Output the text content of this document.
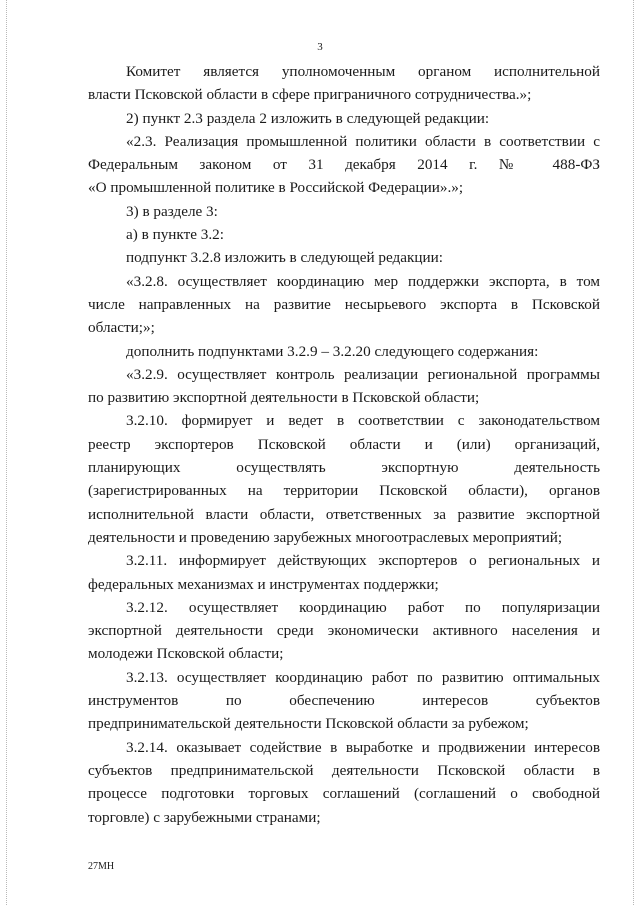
3

Комитет является уполномоченным органом исполнительной

власти Псковской области в сфере приграничного сотрудничества.»;

2) пункт 2.3 раздела 2 изложить в следующей редакции:

«2.3. Реализация промышленной политики области в соответствии с

Федеральным законом от 31 декабря 2014 г. № 488-ФЗ

«О промышленной политике в Российской Федерации».»;

3) в разделе 3:

а) в пункте 3.2:

подпункт 3.2.8 изложить в следующей редакции:

«3.2.8. осуществляет координацию мер поддержки экспорта, в том

числе направленных на развитие несырьевого экспорта в Псковской

области;»;

дополнить подпунктами 3.2.9 – 3.2.20 следующего содержания:

«3.2.9. осуществляет контроль реализации региональной программы

по развитию экспортной деятельности в Псковской области;

3.2.10. формирует и ведет в соответствии с законодательством

реестр экспортеров Псковской области и (или) организаций,

планирующих осуществлять экспортную деятельность

(зарегистрированных на территории Псковской области), органов

исполнительной власти области, ответственных за развитие экспортной

деятельности и проведению зарубежных многоотраслевых мероприятий;

3.2.11. информирует действующих экспортеров о региональных и

федеральных механизмах и инструментах поддержки;

3.2.12. осуществляет координацию работ по популяризации

экспортной деятельности среди экономически активного населения и

молодежи Псковской области;

3.2.13. осуществляет координацию работ по развитию оптимальных

инструментов по обеспечению интересов субъектов

предпринимательской деятельности Псковской области за рубежом;

3.2.14. оказывает содействие в выработке и продвижении интересов

субъектов предпринимательской деятельности Псковской области в

процессе подготовки торговых соглашений (соглашений о свободной

торговле) с зарубежными странами;

27МН
